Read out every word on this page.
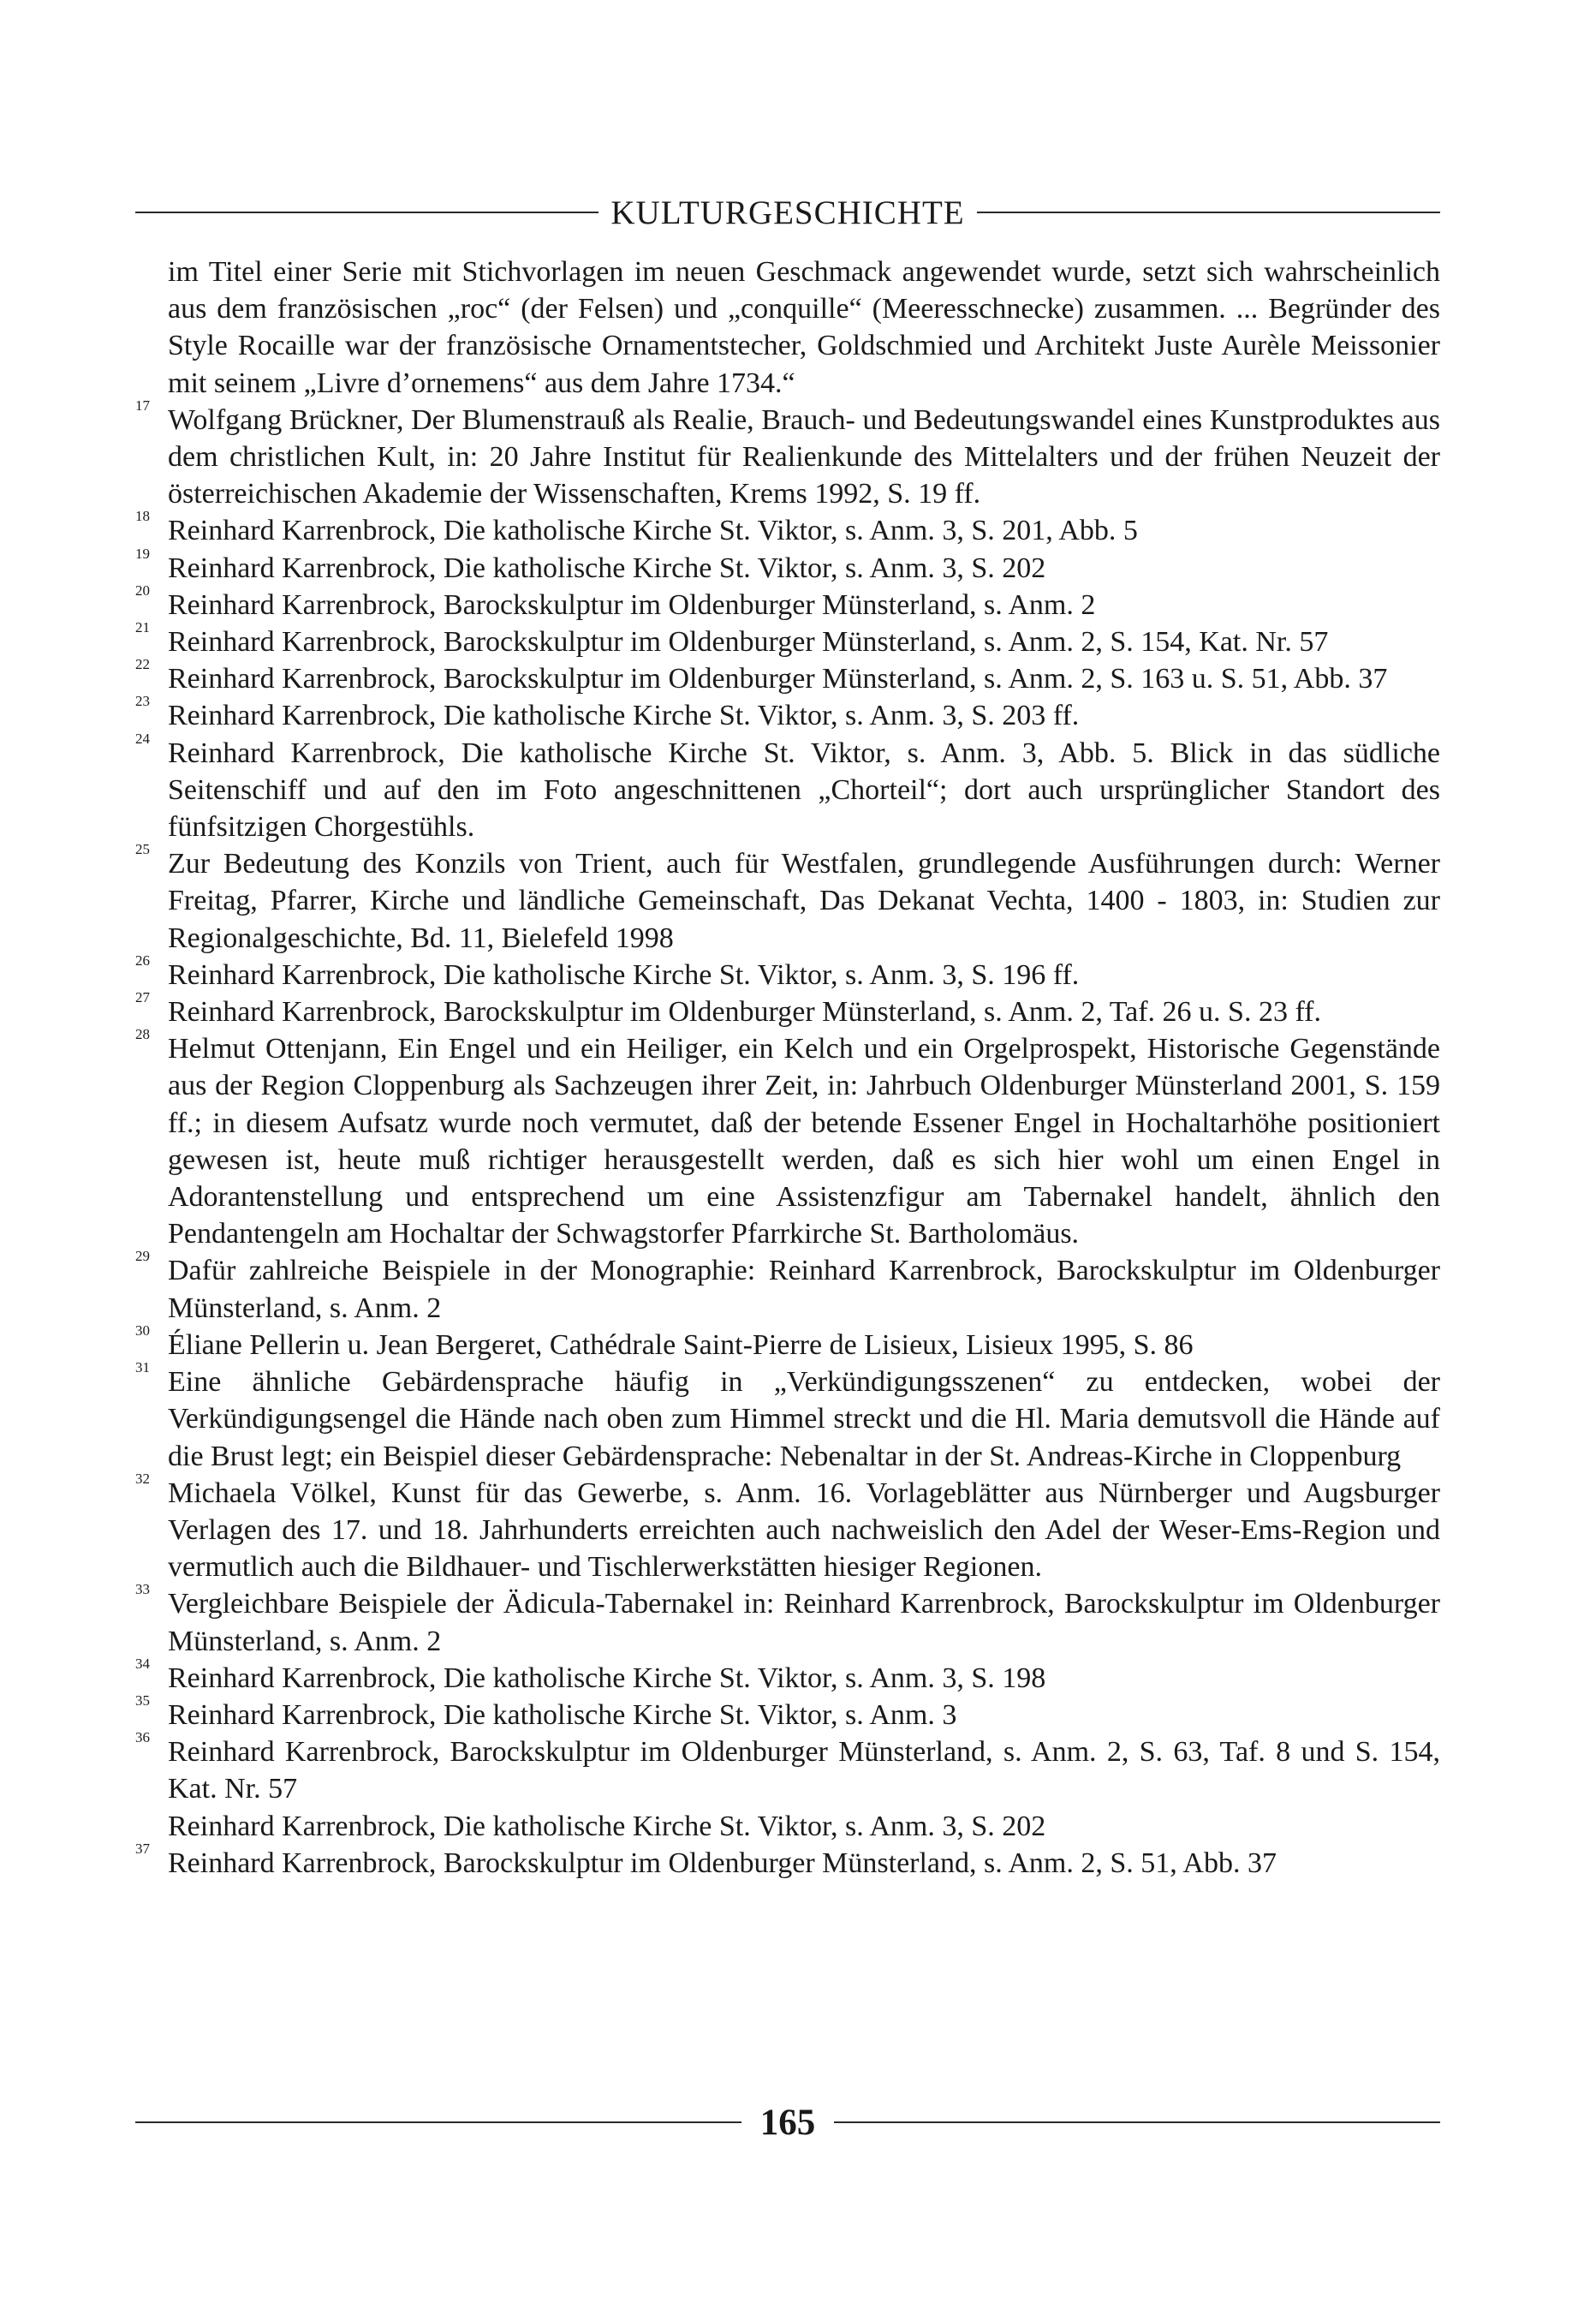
KULTURGESCHICHTE
im Titel einer Serie mit Stichvorlagen im neuen Geschmack angewendet wurde, setzt sich wahrscheinlich aus dem französischen „roc“ (der Felsen) und „conquille“ (Meeresschnecke) zusammen. ... Begründer des Style Rocaille war der französische Ornamentstecher, Goldschmied und Architekt Juste Aurèle Meissonier mit seinem „Livre d’ornemens“ aus dem Jahre 1734.“
17 Wolfgang Brückner, Der Blumenstrauß als Realie, Brauch- und Bedeutungswandel eines Kunstproduktes aus dem christlichen Kult, in: 20 Jahre Institut für Realienkunde des Mittelalters und der frühen Neuzeit der österreichischen Akademie der Wissenschaften, Krems 1992, S. 19 ff.
18 Reinhard Karrenbrock, Die katholische Kirche St. Viktor, s. Anm. 3, S. 201, Abb. 5
19 Reinhard Karrenbrock, Die katholische Kirche St. Viktor, s. Anm. 3, S. 202
20 Reinhard Karrenbrock, Barockskulptur im Oldenburger Münsterland, s. Anm. 2
21 Reinhard Karrenbrock, Barockskulptur im Oldenburger Münsterland, s. Anm. 2, S. 154, Kat. Nr. 57
22 Reinhard Karrenbrock, Barockskulptur im Oldenburger Münsterland, s. Anm. 2, S. 163 u. S. 51, Abb. 37
23 Reinhard Karrenbrock, Die katholische Kirche St. Viktor, s. Anm. 3, S. 203 ff.
24 Reinhard Karrenbrock, Die katholische Kirche St. Viktor, s. Anm. 3, Abb. 5. Blick in das südliche Seitenschiff und auf den im Foto angeschnittenen „Chorteil“; dort auch ursprünglicher Standort des fünfsitzigen Chorgestühls.
25 Zur Bedeutung des Konzils von Trient, auch für Westfalen, grundlegende Ausführungen durch: Werner Freitag, Pfarrer, Kirche und ländliche Gemeinschaft, Das Dekanat Vechta, 1400 - 1803, in: Studien zur Regionalgeschichte, Bd. 11, Bielefeld 1998
26 Reinhard Karrenbrock, Die katholische Kirche St. Viktor, s. Anm. 3, S. 196 ff.
27 Reinhard Karrenbrock, Barockskulptur im Oldenburger Münsterland, s. Anm. 2, Taf. 26 u. S. 23 ff.
28 Helmut Ottenjann, Ein Engel und ein Heiliger, ein Kelch und ein Orgelprospekt, Historische Gegenstände aus der Region Cloppenburg als Sachzeugen ihrer Zeit, in: Jahrbuch Oldenburger Münsterland 2001, S. 159 ff.; in diesem Aufsatz wurde noch vermutet, daß der betende Essener Engel in Hochaltarhöhe positioniert gewesen ist, heute muß richtiger herausgestellt werden, daß es sich hier wohl um einen Engel in Adorantenstellung und entsprechend um eine Assistenzfigur am Tabernakel handelt, ähnlich den Pendantengeln am Hochaltar der Schwagstorfer Pfarrkirche St. Bartholomäus.
29 Dafür zahlreiche Beispiele in der Monographie: Reinhard Karrenbrock, Barockskulptur im Oldenburger Münsterland, s. Anm. 2
30 Éliane Pellerin u. Jean Bergeret, Cathédrale Saint-Pierre de Lisieux, Lisieux 1995, S. 86
31 Eine ähnliche Gebärdensprache häufig in „Verkündigungsszenen“ zu entdecken, wobei der Verkündigungsengel die Hände nach oben zum Himmel streckt und die Hl. Maria demutsvoll die Hände auf die Brust legt; ein Beispiel dieser Gebärdensprache: Nebenaltar in der St. Andreas-Kirche in Cloppenburg
32 Michaela Völkel, Kunst für das Gewerbe, s. Anm. 16. Vorlageblätter aus Nürnberger und Augsburger Verlagen des 17. und 18. Jahrhunderts erreichten auch nachweislich den Adel der Weser-Ems-Region und vermutlich auch die Bildhauer- und Tischlerwerkstätten hiesiger Regionen.
33 Vergleichbare Beispiele der Ädicula-Tabernakel in: Reinhard Karrenbrock, Barockskulptur im Oldenburger Münsterland, s. Anm. 2
34 Reinhard Karrenbrock, Die katholische Kirche St. Viktor, s. Anm. 3, S. 198
35 Reinhard Karrenbrock, Die katholische Kirche St. Viktor, s. Anm. 3
36 Reinhard Karrenbrock, Barockskulptur im Oldenburger Münsterland, s. Anm. 2, S. 63, Taf. 8 und S. 154, Kat. Nr. 57
Reinhard Karrenbrock, Die katholische Kirche St. Viktor, s. Anm. 3, S. 202
37 Reinhard Karrenbrock, Barockskulptur im Oldenburger Münsterland, s. Anm. 2, S. 51, Abb. 37
165
